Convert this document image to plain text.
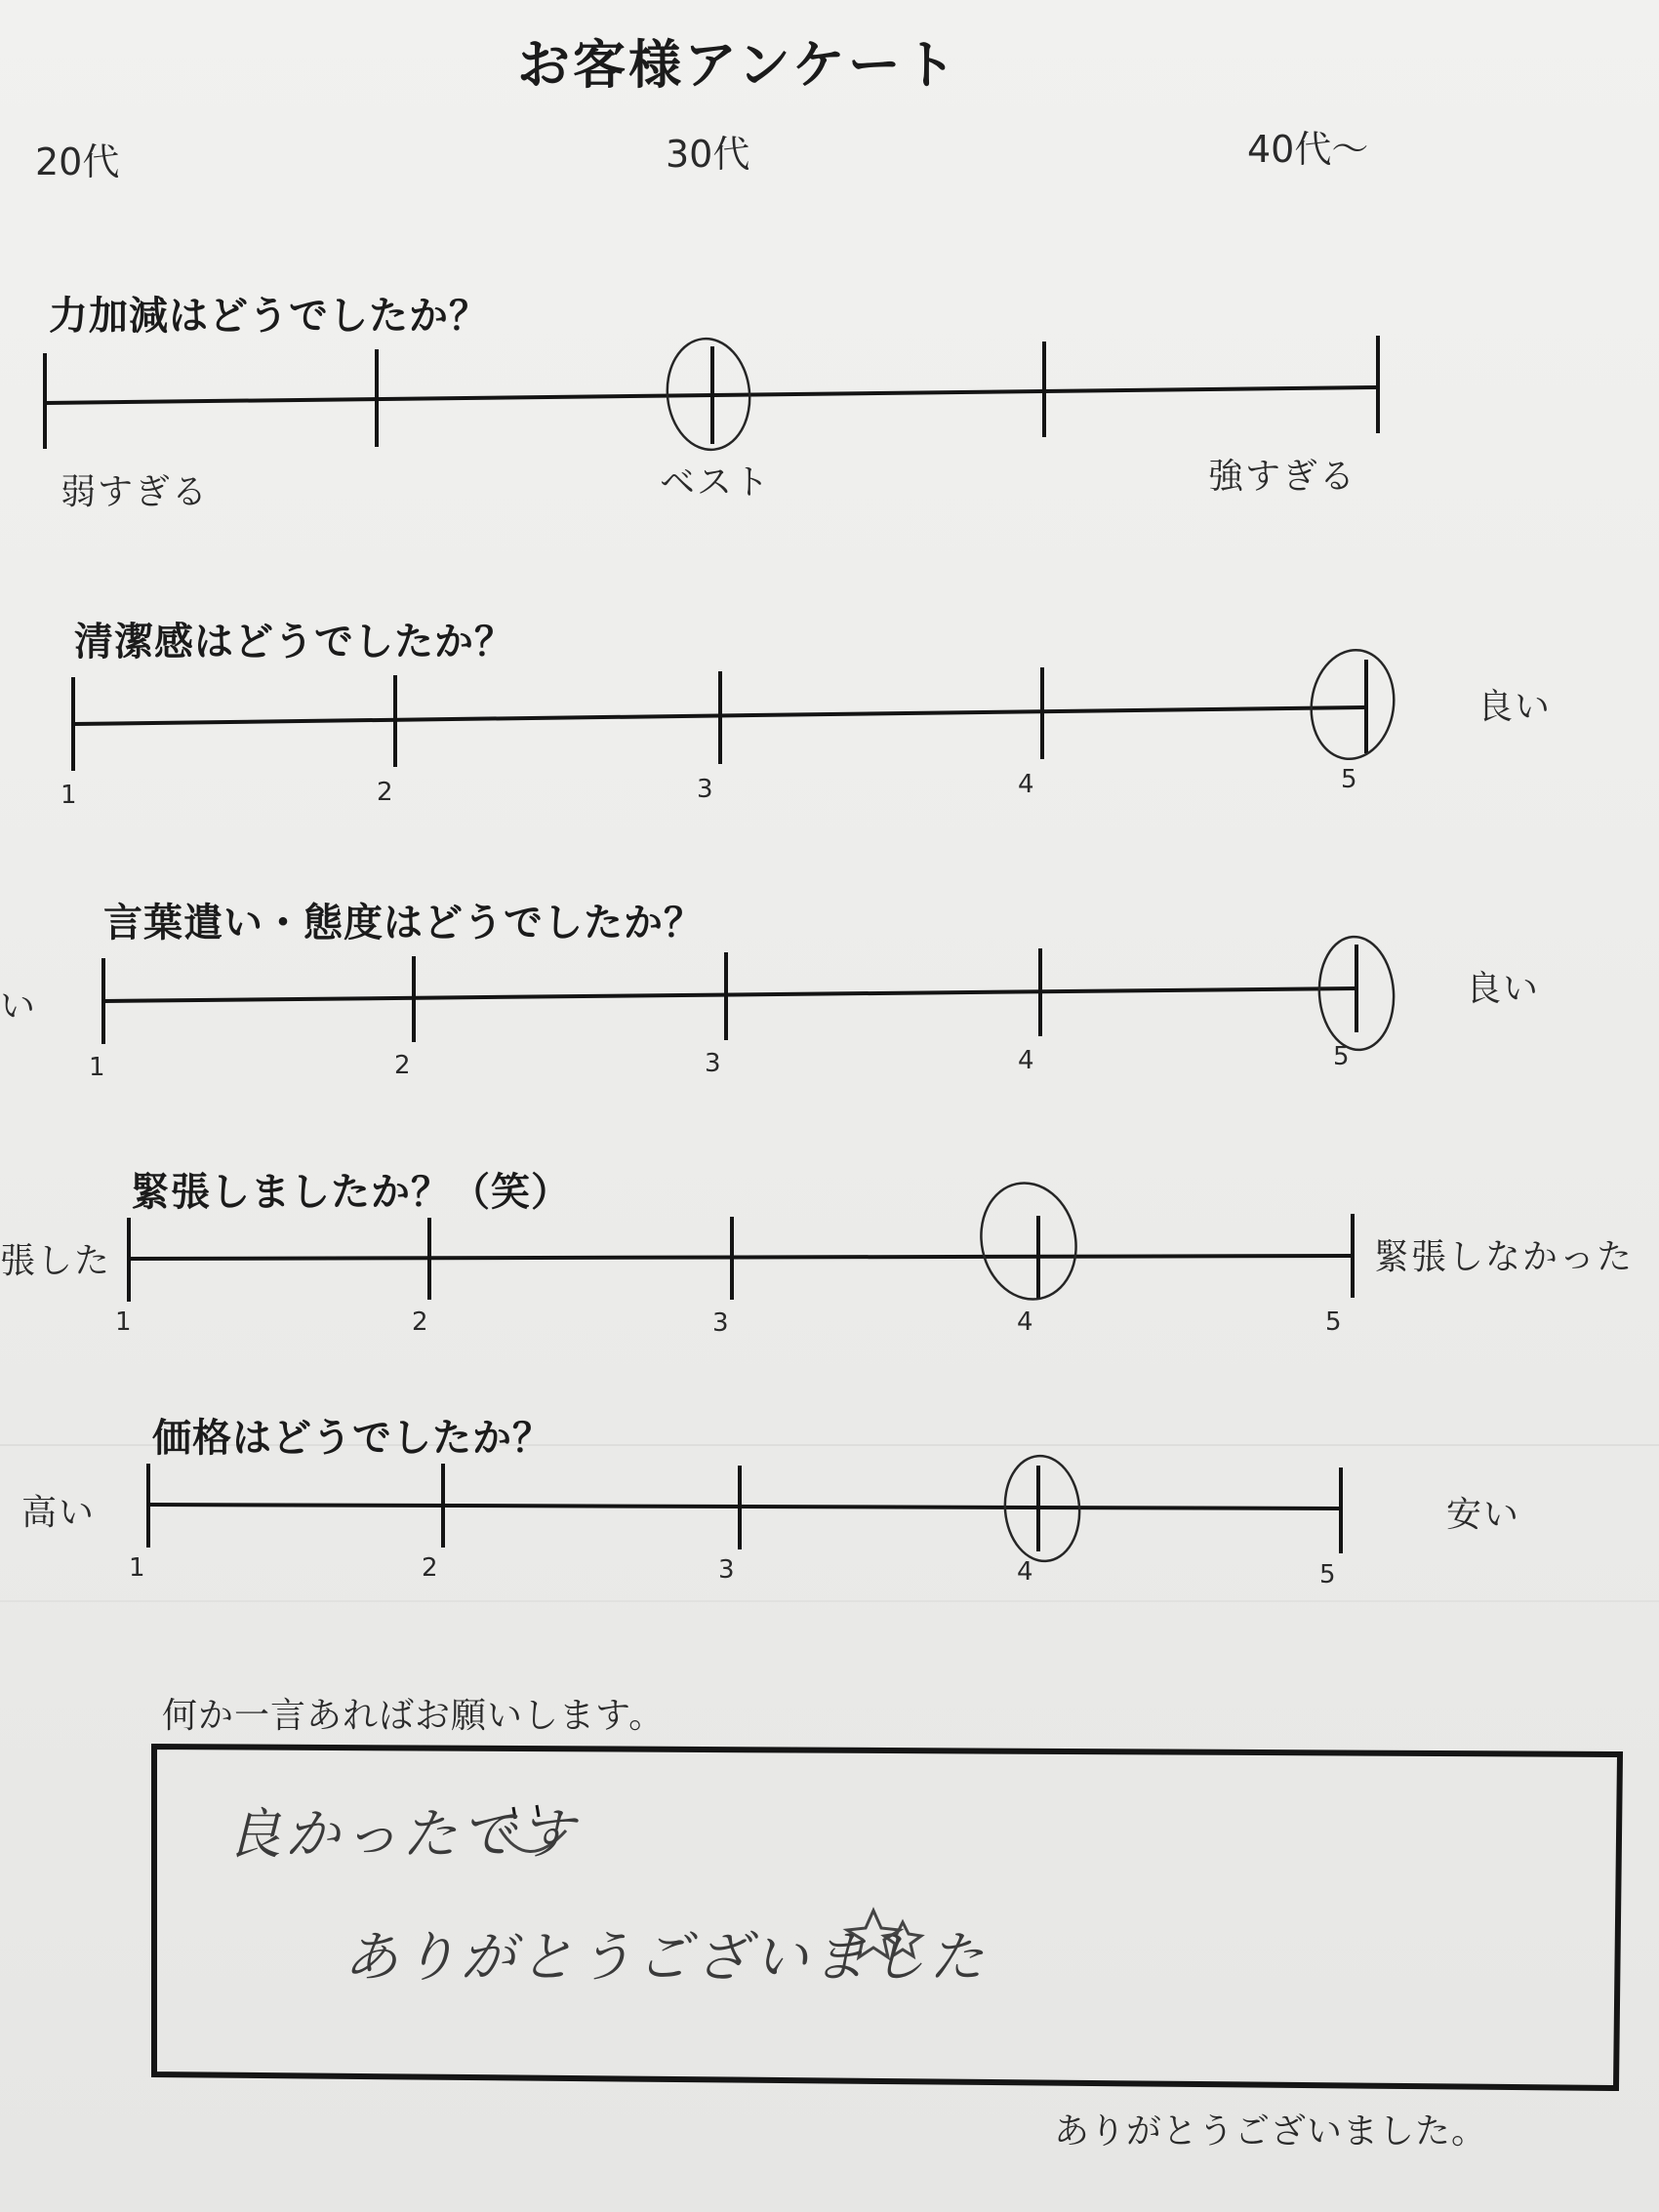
お客様アンケート
20代	30代	40代〜
力加減はどうでしたか？
弱すぎる	ベスト	強すぎる
清潔感はどうでしたか？
良い
1	2	3	4	5
言葉遣い・態度はどうでしたか？
い	良い
1	2	3	4	5
緊張しましたか？（笑）
張した	緊張しなかった
1	2	3	4	5
価格はどうでしたか？
高い	安い
1	2	3	4	5
何か一言あればお願いします。
良かったです
ありがとうございました
ありがとうございました。
